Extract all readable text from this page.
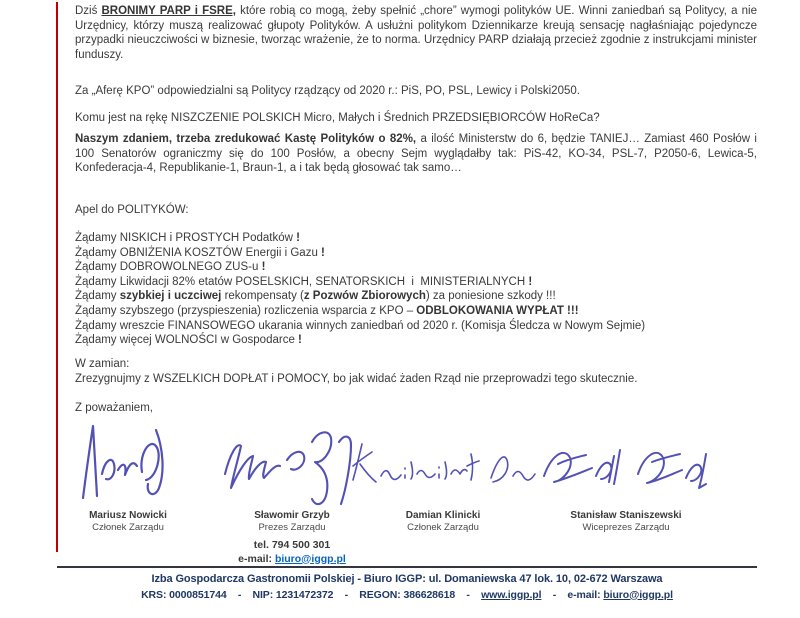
Dziś BRONIMY PARP i FSRE, które robią co mogą, żeby spełnić „chore” wymogi polityków UE. Winni zaniedbań są Politycy, a nie Urzędnicy, którzy muszą realizować głupoty Polityków. A usłużni politykom Dziennikarze kreują sensację nagłaśniając pojedyncze przypadki nieuczciwości w biznesie, tworząc wrażenie, że to norma. Urzędnicy PARP działają przecież zgodnie z instrukcjami minister funduszy.

Za „Aferę KPO” odpowiedzialni są Politycy rządzący od 2020 r.: PiS, PO, PSL, Lewicy i Polski2050.

Komu jest na rękę NISZCZENIE POLSKICH Micro, Małych i Średnich PRZEDSIĘBIORCÓW HoReCa?

Naszym zdaniem, trzeba zredukować Kastę Polityków o 82%, a ilość Ministerstw do 6, będzie TANIEJ… Zamiast 460 Posłów i 100 Senatorów ograniczmy się do 100 Posłów, a obecny Sejm wyglądałby tak: PiS-42, KO-34, PSL-7, P2050-6, Lewica-5, Konfederacja-4, Republikanie-1, Braun-1, a i tak będą głosować tak samo…

Apel do POLITYKÓW:

Żądamy NISKICH i PROSTYCH Podatków !
Żądamy OBNIŻENIA KOSZTÓW Energii i Gazu !
Żądamy DOBROWOLNEGO ZUS-u !
Żądamy Likwidacji 82% etatów POSELSKICH, SENATORSKICH  i  MINISTERIALNYCH !
Żądamy szybkiej i uczciwej rekompensaty (z Pozwów Zbiorowych) za poniesione szkody !!!
Żądamy szybszego (przyspieszenia) rozliczenia wsparcia z KPO – ODBLOKOWANIA WYPŁAT !!!
Żądamy wreszcie FINANSOWEGO ukarania winnych zaniedbań od 2020 r. (Komisja Śledcza w Nowym Sejmie)
Żądamy więcej WOLNOŚCI w Gospodarce !

W zamian:

Zrezygnujmy z WSZELKICH DOPŁAT i POMOCY, bo jak widać żaden Rząd nie przeprowadzi tego skutecznie.

Z poważaniem,

Mariusz Nowicki
Członek Zarządu
Sławomir Grzyb
Prezes Zarządu
Damian Klinicki
Członek Zarządu
Stanisław Staniszewski
Wiceprezes Zarządu
tel. 794 500 301
e-mail: biuro@iggp.pl
Izba Gospodarcza Gastronomii Polskiej - Biuro IGGP: ul. Domaniewska 47 lok. 10, 02-672 Warszawa
KRS: 0000851744    -    NIP: 1231472372    -    REGON: 386628618    -    www.iggp.pl    -    e-mail: biuro@iggp.pl
